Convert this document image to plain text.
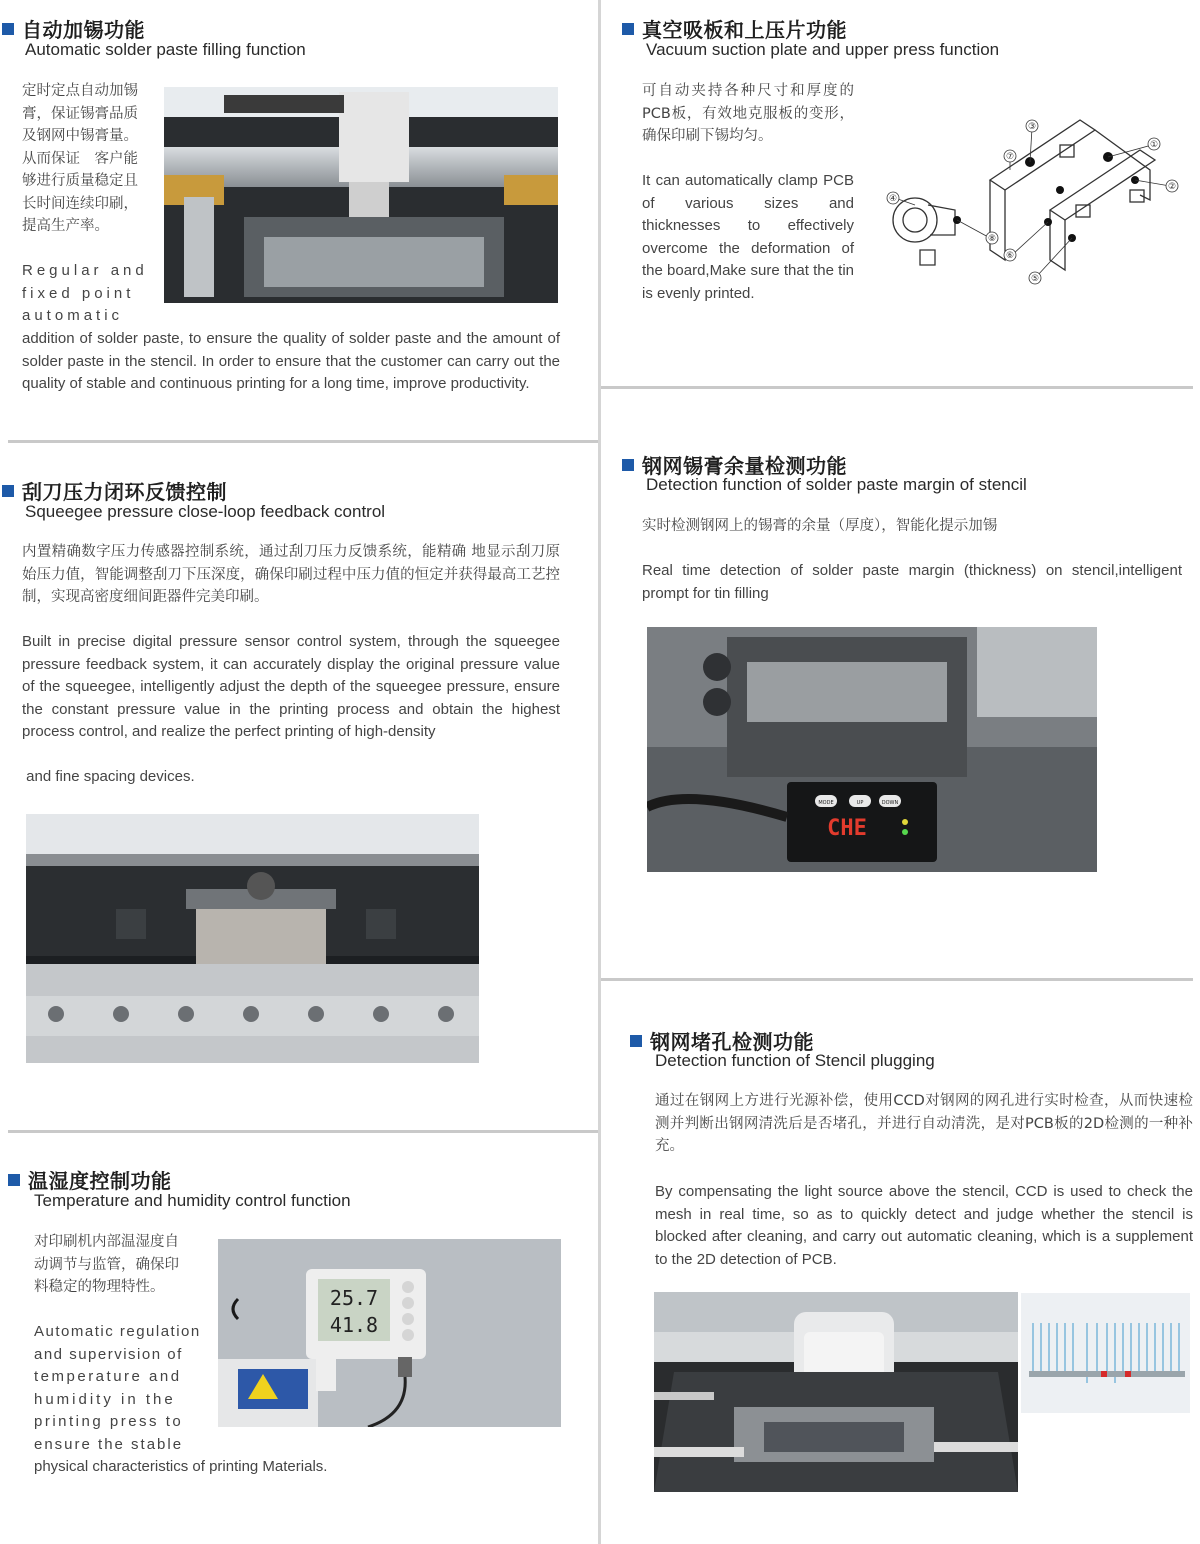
自动加锡功能
Automatic solder paste filling function
定时定点自动加锡
膏，保证锡膏品质
及钢网中锡膏量。
从而保证　客户能
够进行质量稳定且
长时间连续印刷，
提高生产率。
Regular and
fixed point
automatic
addition of solder paste, to ensure the quality of solder paste and the amount of solder paste in the stencil. In order to ensure that the customer can carry out the quality of stable and continuous printing for a long time, improve productivity.
真空吸板和上压片功能
Vacuum suction plate and upper press function
可自动夹持各种尺寸和厚度的PCB板，有效地克服板的变形，确保印刷下锡均匀。
It can automatically clamp PCB of various sizes and thicknesses to effectively overcome the deformation of the board,Make sure that the tin is evenly printed.
③
⑦
①
②
④
⑧
⑥
⑤
刮刀压力闭环反馈控制
Squeegee pressure close-loop feedback control
内置精确数字压力传感器控制系统，通过刮刀压力反馈系统，能精确 地显示刮刀原始压力值，智能调整刮刀下压深度，确保印刷过程中压力值的恒定并获得最高工艺控制，实现高密度细间距器件完美印刷。
Built in precise digital pressure sensor control system, through the squeegee pressure feedback system, it can accurately display the original pressure value of the squeegee, intelligently adjust the depth of the squeegee pressure, ensure the constant pressure value in the printing process and obtain the highest process control, and realize the perfect printing of high-density
and fine spacing devices.
钢网锡膏余量检测功能
Detection function of solder paste margin of stencil
实时检测钢网上的锡膏的余量（厚度），智能化提示加锡
Real time detection of solder paste margin (thickness) on stencil,intelligent prompt for tin filling
MODE	UP	DOWN
CHE
温湿度控制功能
Temperature and humidity control function
对印刷机内部温湿度自
动调节与监管，确保印
料稳定的物理特性。
Automatic regulation
and supervision of
temperature and
humidity in the
printing press to
ensure the stable
physical characteristics of printing Materials.
25.7
41.8
钢网堵孔检测功能
Detection function of Stencil plugging
通过在钢网上方进行光源补偿，使用CCD对钢网的网孔进行实时检查，从而快速检测并判断出钢网清洗后是否堵孔，并进行自动清洗，是对PCB板的2D检测的一种补充。
By compensating the light source above the stencil, CCD is used to check the mesh in real time, so as to quickly detect and judge whether the stencil is blocked after cleaning, and carry out automatic cleaning, which is a supplement to the 2D detection of PCB.
